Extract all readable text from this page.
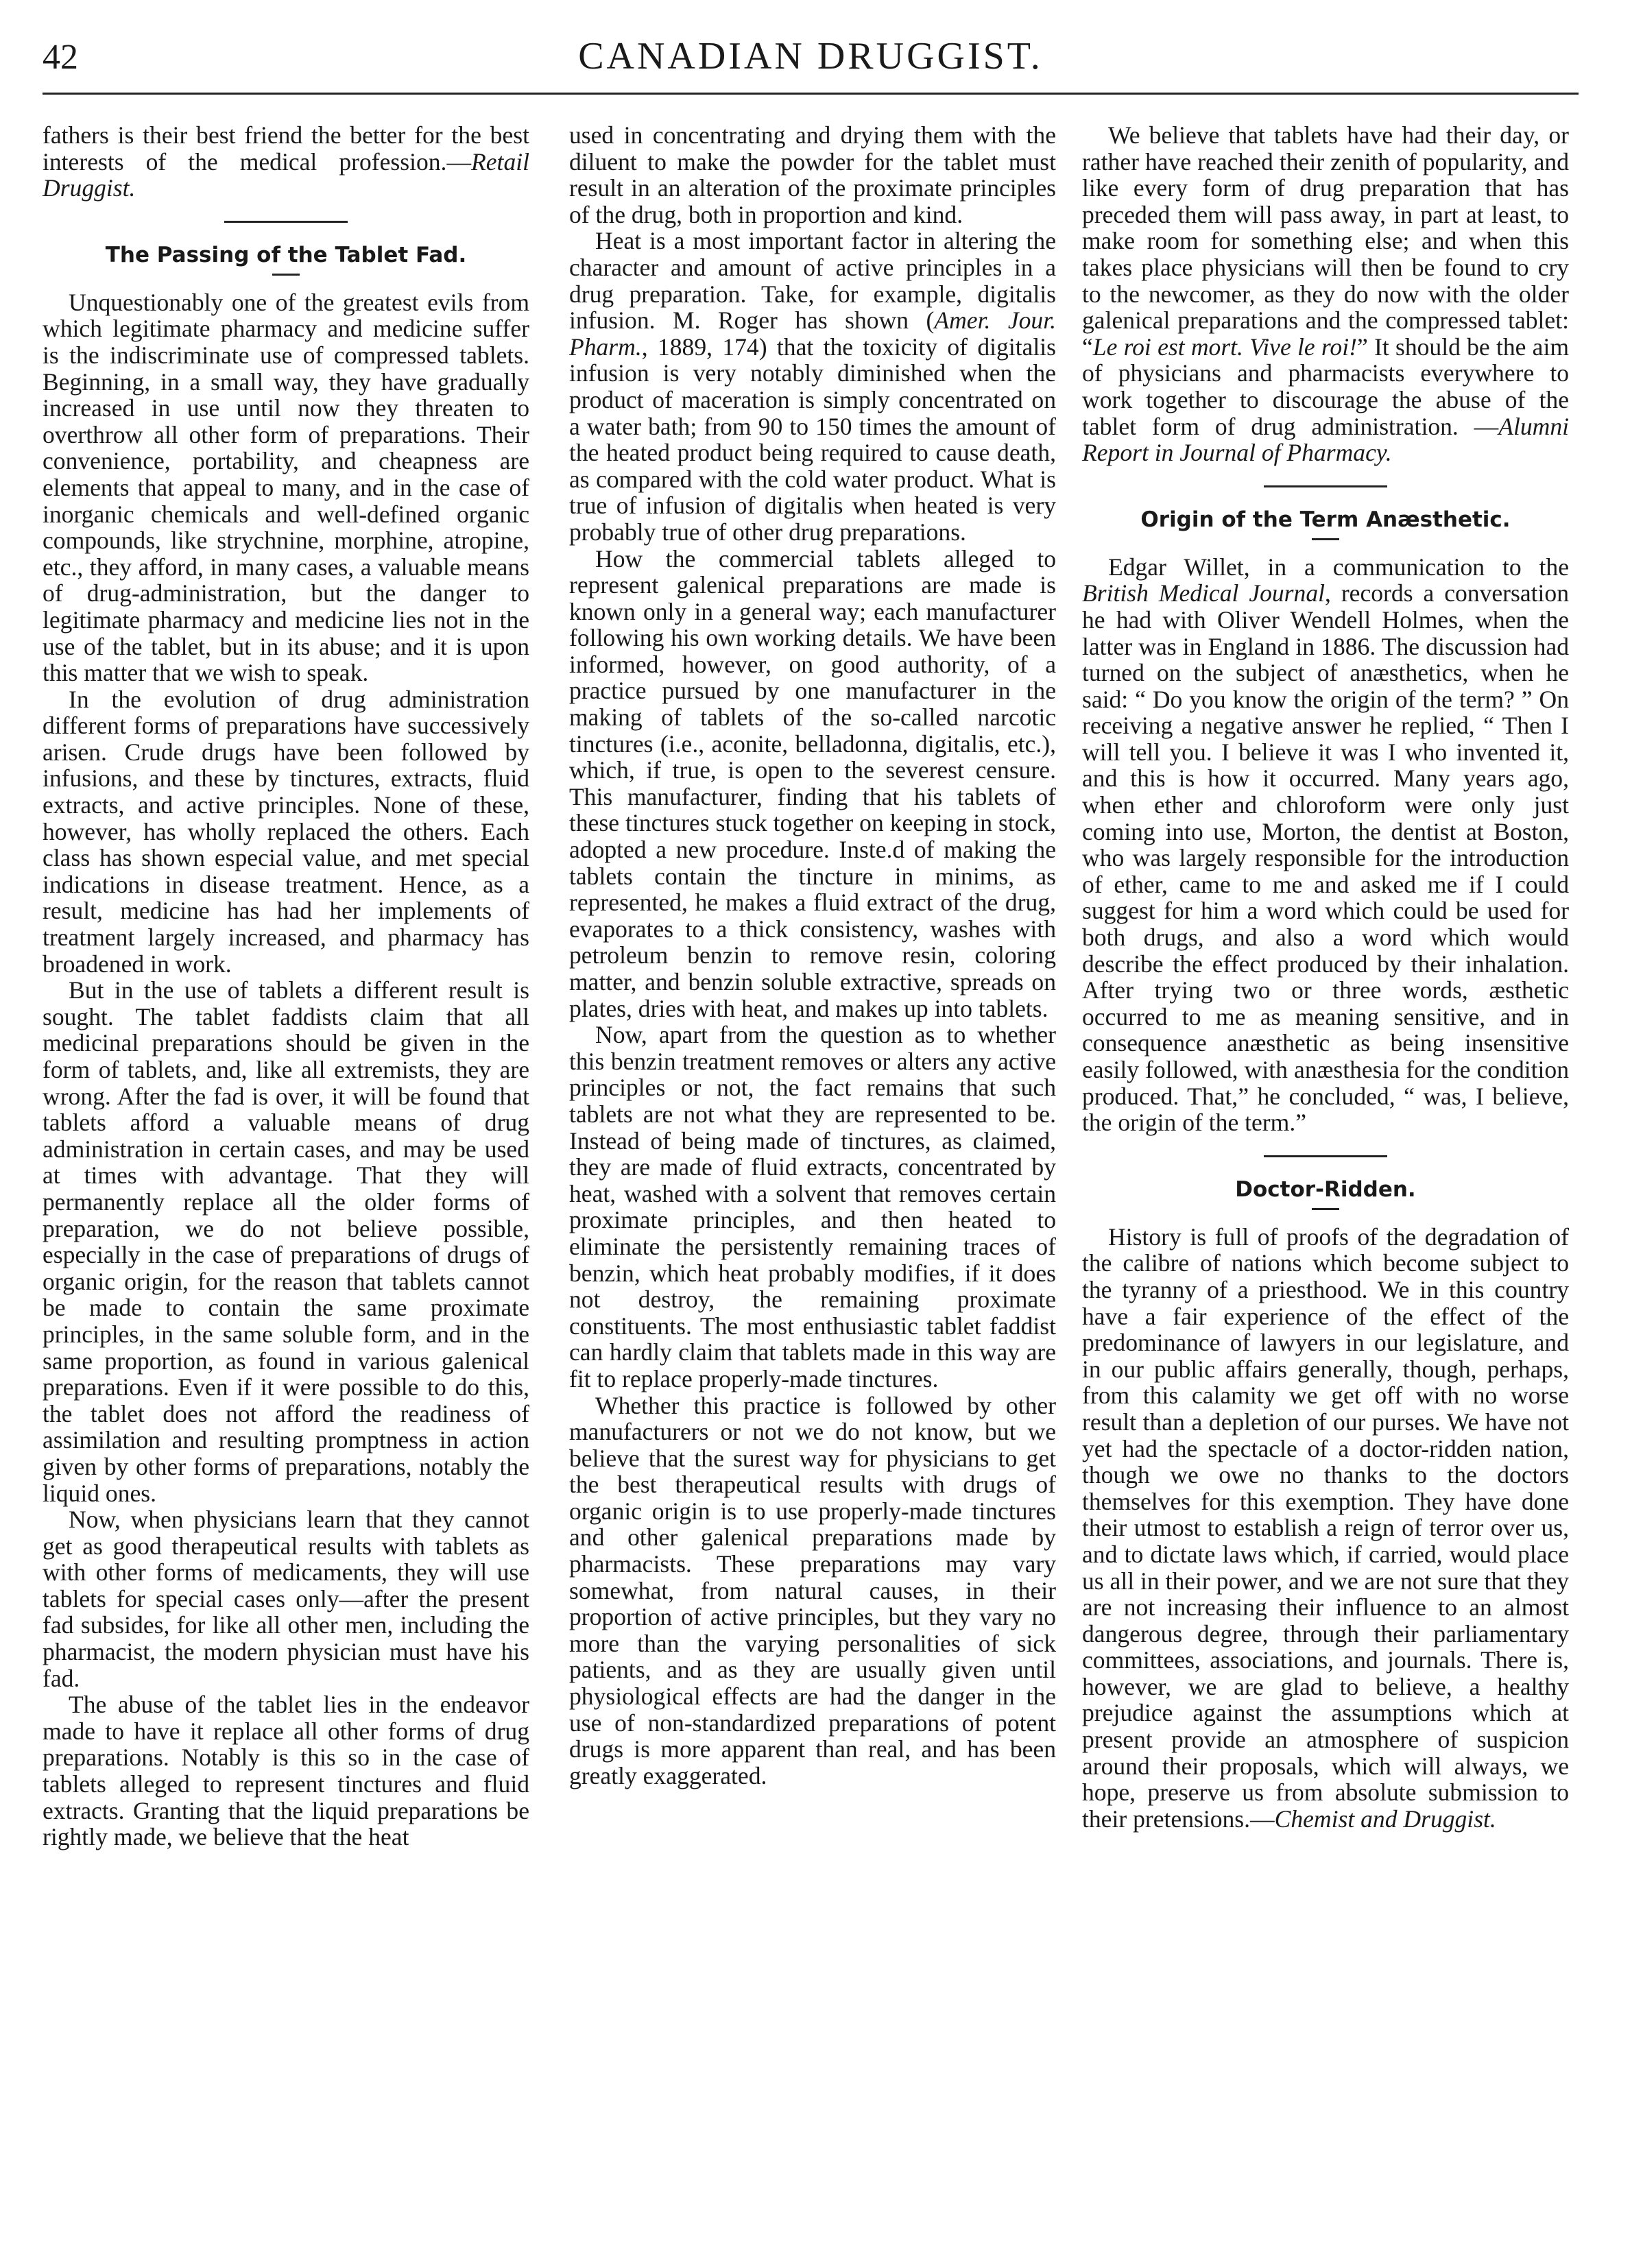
42	CANADIAN DRUGGIST.

fathers is their best friend the better for the best interests of the medical profession.—Retail Druggist.

The Passing of the Tablet Fad.

Unquestionably one of the greatest evils from which legitimate pharmacy and medicine suffer is the indiscriminate use of compressed tablets. Beginning, in a small way, they have gradually increased in use until now they threaten to overthrow all other form of preparations. Their convenience, portability, and cheapness are elements that appeal to many, and in the case of inorganic chemicals and well-defined organic compounds, like strychnine, morphine, atropine, etc., they afford, in many cases, a valuable means of drug-administration, but the danger to legitimate pharmacy and medicine lies not in the use of the tablet, but in its abuse; and it is upon this matter that we wish to speak.

In the evolution of drug administration different forms of preparations have successively arisen. Crude drugs have been followed by infusions, and these by tinctures, extracts, fluid extracts, and active principles. None of these, however, has wholly replaced the others. Each class has shown especial value, and met special indications in disease treatment. Hence, as a result, medicine has had her implements of treatment largely increased, and pharmacy has broadened in work.

But in the use of tablets a different result is sought. The tablet faddists claim that all medicinal preparations should be given in the form of tablets, and, like all extremists, they are wrong. After the fad is over, it will be found that tablets afford a valuable means of drug administration in certain cases, and may be used at times with advantage. That they will permanently replace all the older forms of preparation, we do not believe possible, especially in the case of preparations of drugs of organic origin, for the reason that tablets cannot be made to contain the same proximate principles, in the same soluble form, and in the same proportion, as found in various galenical preparations. Even if it were possible to do this, the tablet does not afford the readiness of assimilation and resulting promptness in action given by other forms of preparations, notably the liquid ones.

Now, when physicians learn that they cannot get as good therapeutical results with tablets as with other forms of medicaments, they will use tablets for special cases only—after the present fad subsides, for like all other men, including the pharmacist, the modern physician must have his fad.

The abuse of the tablet lies in the endeavor made to have it replace all other forms of drug preparations. Notably is this so in the case of tablets alleged to represent tinctures and fluid extracts. Granting that the liquid preparations be rightly made, we believe that the heat

used in concentrating and drying them with the diluent to make the powder for the tablet must result in an alteration of the proximate principles of the drug, both in proportion and kind.

Heat is a most important factor in altering the character and amount of active principles in a drug preparation. Take, for example, digitalis infusion. M. Roger has shown (Amer. Jour. Pharm., 1889, 174) that the toxicity of digitalis infusion is very notably diminished when the product of maceration is simply concentrated on a water bath; from 90 to 150 times the amount of the heated product being required to cause death, as compared with the cold water product. What is true of infusion of digitalis when heated is very probably true of other drug preparations.

How the commercial tablets alleged to represent galenical preparations are made is known only in a general way; each manufacturer following his own working details. We have been informed, however, on good authority, of a practice pursued by one manufacturer in the making of tablets of the so-called narcotic tinctures (i.e., aconite, belladonna, digitalis, etc.), which, if true, is open to the severest censure. This manufacturer, finding that his tablets of these tinctures stuck together on keeping in stock, adopted a new procedure. Inste.d of making the tablets contain the tincture in minims, as represented, he makes a fluid extract of the drug, evaporates to a thick consistency, washes with petroleum benzin to remove resin, coloring matter, and benzin soluble extractive, spreads on plates, dries with heat, and makes up into tablets.

Now, apart from the question as to whether this benzin treatment removes or alters any active principles or not, the fact remains that such tablets are not what they are represented to be. Instead of being made of tinctures, as claimed, they are made of fluid extracts, concentrated by heat, washed with a solvent that removes certain proximate principles, and then heated to eliminate the persistently remaining traces of benzin, which heat probably modifies, if it does not destroy, the remaining proximate constituents. The most enthusiastic tablet faddist can hardly claim that tablets made in this way are fit to replace properly-made tinctures.

Whether this practice is followed by other manufacturers or not we do not know, but we believe that the surest way for physicians to get the best therapeutical results with drugs of organic origin is to use properly-made tinctures and other galenical preparations made by pharmacists. These preparations may vary somewhat, from natural causes, in their proportion of active principles, but they vary no more than the varying personalities of sick patients, and as they are usually given until physiological effects are had the danger in the use of non-standardized preparations of potent drugs is more apparent than real, and has been greatly exaggerated.

We believe that tablets have had their day, or rather have reached their zenith of popularity, and like every form of drug preparation that has preceded them will pass away, in part at least, to make room for something else; and when this takes place physicians will then be found to cry to the newcomer, as they do now with the older galenical preparations and the compressed tablet: “Le roi est mort. Vive le roi!” It should be the aim of physicians and pharmacists everywhere to work together to discourage the abuse of the tablet form of drug administration. —Alumni Report in Journal of Pharmacy.

Origin of the Term Anæsthetic.

Edgar Willet, in a communication to the British Medical Journal, records a conversation he had with Oliver Wendell Holmes, when the latter was in England in 1886. The discussion had turned on the subject of anæsthetics, when he said: “ Do you know the origin of the term? ” On receiving a negative answer he replied, “ Then I will tell you. I believe it was I who invented it, and this is how it occurred. Many years ago, when ether and chloroform were only just coming into use, Morton, the dentist at Boston, who was largely responsible for the introduction of ether, came to me and asked me if I could suggest for him a word which could be used for both drugs, and also a word which would describe the effect produced by their inhalation. After trying two or three words, æsthetic occurred to me as meaning sensitive, and in consequence anæsthetic as being insensitive easily followed, with anæsthesia for the condition produced. That,” he concluded, “ was, I believe, the origin of the term.”

Doctor-Ridden.

History is full of proofs of the degradation of the calibre of nations which become subject to the tyranny of a priesthood. We in this country have a fair experience of the effect of the predominance of lawyers in our legislature, and in our public affairs generally, though, perhaps, from this calamity we get off with no worse result than a depletion of our purses. We have not yet had the spectacle of a doctor-ridden nation, though we owe no thanks to the doctors themselves for this exemption. They have done their utmost to establish a reign of terror over us, and to dictate laws which, if carried, would place us all in their power, and we are not sure that they are not increasing their influence to an almost dangerous degree, through their parliamentary committees, associations, and journals. There is, however, we are glad to believe, a healthy prejudice against the assumptions which at present provide an atmosphere of suspicion around their proposals, which will always, we hope, preserve us from absolute submission to their pretensions.—Chemist and Druggist.
